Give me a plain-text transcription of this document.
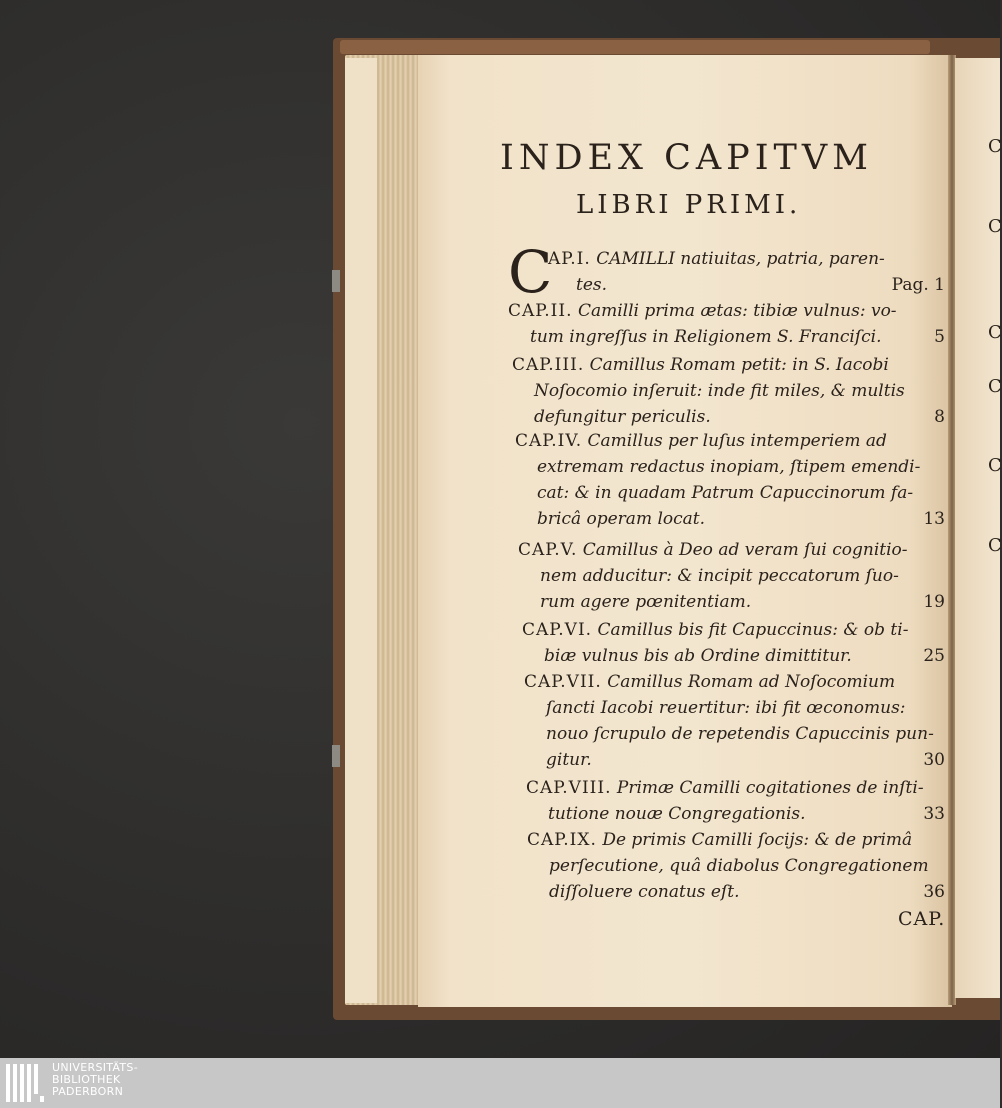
INDEX CAPITVM
LIBRI PRIMI.
C
AP.I. CAMILLI natiuitas, patria, paren-
tes.	Pag. 1
CAP.II. Camilli prima ætas: tibiæ vulnus: vo-
tum ingreſſus in Religionem S. Franciſci.	5
CAP.III. Camillus Romam petit: in S. Iacobi
Noſocomio inſeruit: inde fit miles, & multis
defungitur periculis.	8
CAP.IV. Camillus per luſus intemperiem ad
extremam redactus inopiam, ſtipem emendi-
cat: & in quadam Patrum Capuccinorum fa-
bricâ operam locat.	13
CAP.V. Camillus à Deo ad veram ſui cognitio-
nem adducitur: & incipit peccatorum ſuo-
rum agere pœnitentiam.	19
CAP.VI. Camillus bis fit Capuccinus: & ob ti-
biæ vulnus bis ab Ordine dimittitur.	25
CAP.VII. Camillus Romam ad Noſocomium
ſancti Iacobi reuertitur: ibi fit œconomus:
nouo ſcrupulo de repetendis Capuccinis pun-
gitur.	30
CAP.VIII. Primæ Camilli cogitationes de inſti-
tutione nouæ Congregationis.	33
CAP.IX. De primis Camilli ſocijs: & de primâ
perſecutione, quâ diabolus Congregationem
diſſoluere conatus eſt.	36
CAP.
C
C
C
C
C
C
UNIVERSITÄTS-
BIBLIOTHEK
PADERBORN
